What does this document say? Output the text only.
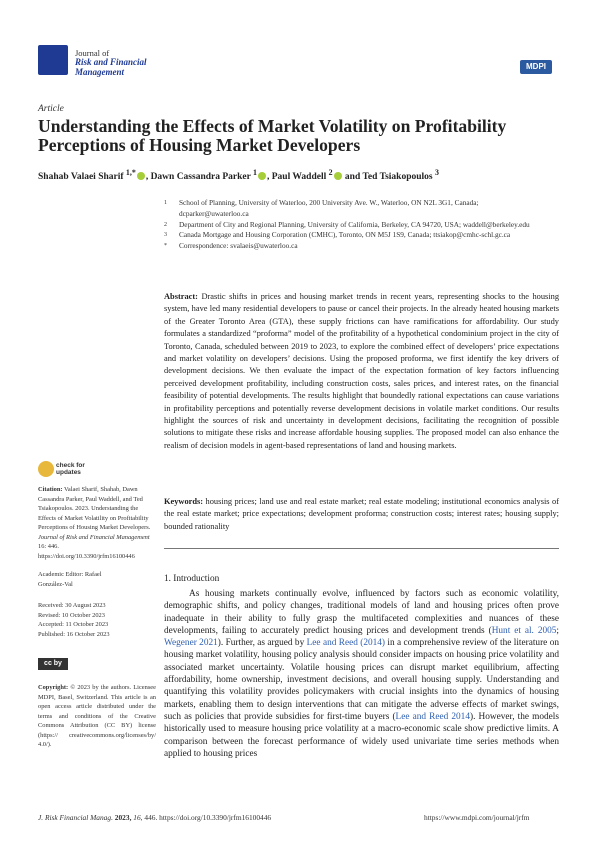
Journal of
Risk and Financial
Management
MDPI
Article
Understanding the Effects of Market Volatility on Profitability Perceptions of Housing Market Developers
Shahab Valaei Sharif $^{1,*}$ , Dawn Cassandra Parker $^1$ , Paul Waddell $^2$ and Ted Tsiakopoulos $^3$
1	School of Planning, University of Waterloo, 200 University Ave. W., Waterloo, ON N2L 3G1, Canada; dcparker@uwaterloo.ca
2	Department of City and Regional Planning, University of California, Berkeley, CA 94720, USA; waddell@berkeley.edu
3	Canada Mortgage and Housing Corporation (CMHC), Toronto, ON M5J 1S9, Canada; ttsiakop@cmhc-schl.gc.ca
*	Correspondence: svalaeis@uwaterloo.ca
Abstract: Drastic shifts in prices and housing market trends in recent years, representing shocks to the housing system, have led many residential developers to pause or cancel their projects. In the already heated housing markets of the Greater Toronto Area (GTA), these supply frictions can have ramifications for affordability. Our study formulates a standardized “proforma” model of the profitability of a hypothetical condominium project in the city of Toronto, Canada, scheduled between 2019 to 2023, to explore the combined effect of developers’ price expectations and market volatility on developers’ decisions. Using the proposed proforma, we first identify the key drivers of development decisions. We then evaluate the impact of the expectation formation of key factors influencing perceived development profitability, including construction costs, sales prices, and interest rates, on the financial feasibility of potential developments. The results highlight that boundedly rational expectations can cause variations in profitability perceptions and potentially reverse development decisions in volatile market conditions. Our results highlight the sources of risk and uncertainty in development decisions, facilitating the recognition of possible solutions to mitigate these risks and increase affordable housing supplies. The proposed model can also enhance the realism of decision models in agent-based representations of land and housing markets.
Keywords: housing prices; land use and real estate market; real estate modeling; institutional economics analysis of the real estate market; price expectations; development proforma; construction costs; interest rates; housing supply; bounded rationality
check for
updates
Citation: Valaei Sharif, Shahab, Dawn Cassandra Parker, Paul Waddell, and Ted Tsiakopoulos. 2023. Understanding the Effects of Market Volatility on Profitability Perceptions of Housing Market Developers. Journal of Risk and Financial Management 16: 446. https://doi.org/10.3390/jrfm16100446
Academic Editor: Rafael
González-Val
Received: 30 August 2023
Revised: 10 October 2023
Accepted: 11 October 2023
Published: 16 October 2023
cc by
Copyright: © 2023 by the authors. Licensee MDPI, Basel, Switzerland. This article is an open access article distributed under the terms and conditions of the Creative Commons Attribution (CC BY) license (https:// creativecommons.org/licenses/by/ 4.0/).
1. Introduction
As housing markets continually evolve, influenced by factors such as economic volatility, demographic shifts, and policy changes, traditional models of land and housing prices often prove inadequate in their ability to fully grasp the multifaceted complexities and nuances of these developments, failing to accurately predict housing prices and development trends (Hunt et al. 2005; Wegener 2021). Further, as argued by Lee and Reed (2014) in a comprehensive review of the literature on housing market volatility, housing policy analysis should consider impacts on housing price volatility and associated market uncertainty. Volatile housing prices can disrupt market equilibrium, affecting affordability, home ownership, investment decisions, and overall housing supply. Understanding and quantifying this volatility provides policymakers with crucial insights into the dynamics of housing markets, enabling them to design interventions that can mitigate the adverse effects of market swings, such as policies that provide subsidies for first-time buyers (Lee and Reed 2014). However, the models historically used to measure housing price volatility at a macro-economic scale show predictive limits. A comparison between the forecast performance of widely used univariate time series methods when applied to housing prices
J. Risk Financial Manag. 2023, 16, 446. https://doi.org/10.3390/jrfm16100446	https://www.mdpi.com/journal/jrfm
